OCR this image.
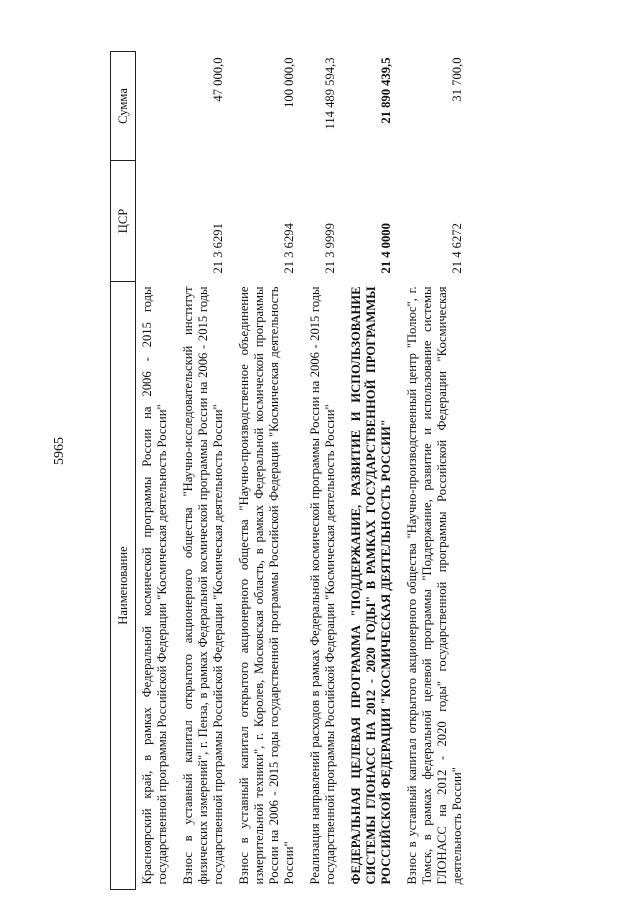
5965
Наименование	ЦСР	Сумма
Красноярский край, в рамках Федеральной космической программы России на 2006 - 2015 годы государственной программы Российской Федерации "Космическая деятельность России"		
Взнос в уставный капитал открытого акционерного общества "Научно-исследовательский институт физических измерений", г. Пенза, в рамках Федеральной космической программы России на 2006 - 2015 годы государственной программы Российской Федерации "Космическая деятельность России"	21 3 6291	47 000,0
Взнос в уставный капитал открытого акционерного общества "Научно-производственное объединение измерительной техники", г. Королев, Московская область, в рамках Федеральной космической программы России на 2006 - 2015 годы государственной программы Российской Федерации "Космическая деятельность России"	21 3 6294	100 000,0
Реализация направлений расходов в рамках Федеральной космической программы России на 2006 - 2015 годы государственной программы Российской Федерации "Космическая деятельность России"	21 3 9999	114 489 594,3
ФЕДЕРАЛЬНАЯ ЦЕЛЕВАЯ ПРОГРАММА "ПОДДЕРЖАНИЕ, РАЗВИТИЕ И ИСПОЛЬЗОВАНИЕ СИСТЕМЫ ГЛОНАСС НА 2012 - 2020 ГОДЫ" В РАМКАХ ГОСУДАРСТВЕННОЙ ПРОГРАММЫ РОССИЙСКОЙ ФЕДЕРАЦИИ "КОСМИЧЕСКАЯ ДЕЯТЕЛЬНОСТЬ РОССИИ"	21 4 0000	21 890 439,5
Взнос в уставный капитал открытого акционерного общества "Научно-производственный центр "Полюс", г. Томск, в рамках федеральной целевой программы "Поддержание, развитие и использование системы ГЛОНАСС на 2012 - 2020 годы" государственной программы Российской Федерации "Космическая деятельность России"	21 4 6272	31 700,0
